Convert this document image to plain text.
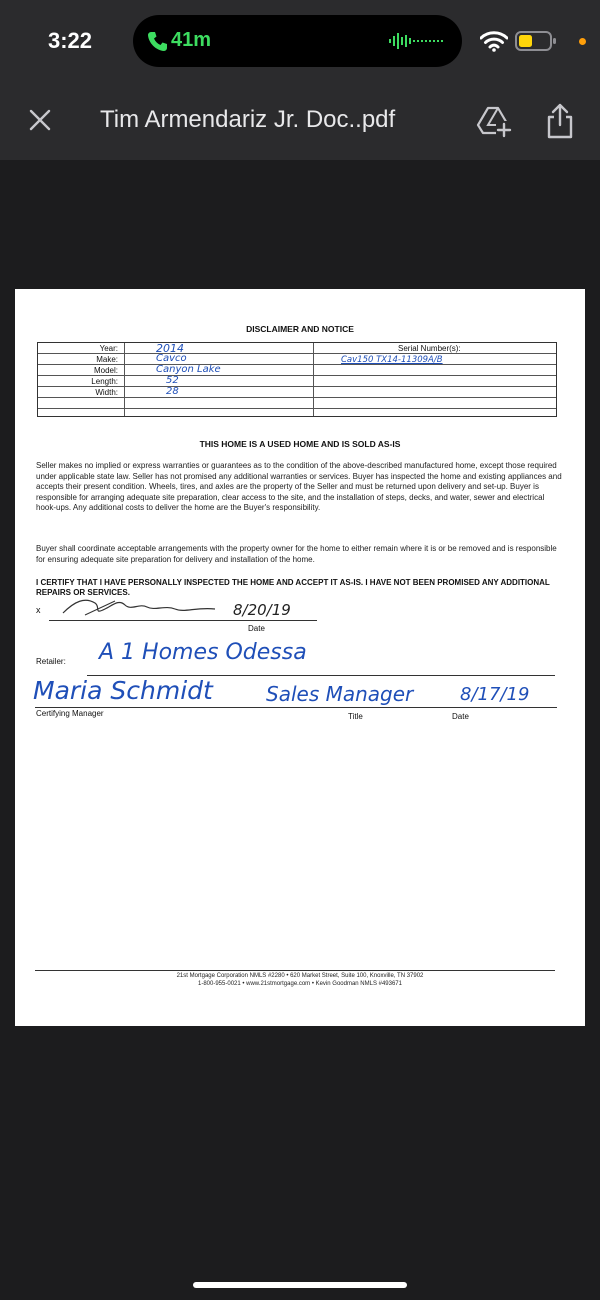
3:22	41m
Tim Armendariz Jr. Doc..pdf
DISCLAIMER AND NOTICE
Year:	2014	Serial Number(s):
Make:	Cavco	Cav150 TX14-11309A/B
Model:	Canyon Lake
Length:	52
Width:	28
THIS HOME IS A USED HOME AND IS SOLD AS-IS
Seller makes no implied or express warranties or guarantees as to the condition of the above-described manufactured home, except those required under applicable state law. Seller has not promised any additional warranties or services. Buyer has inspected the home and existing appliances and accepts their present condition. Wheels, tires, and axles are the property of the Seller and must be returned upon delivery and set-up. Buyer is responsible for arranging adequate site preparation, clear access to the site, and the installation of steps, decks, and water, sewer and electrical hook-ups. Any additional costs to deliver the home are the Buyer's responsibility.
Buyer shall coordinate acceptable arrangements with the property owner for the home to either remain where it is or be removed and is responsible for ensuring adequate site preparation for delivery and installation of the home.
I CERTIFY THAT I HAVE PERSONALLY INSPECTED THE HOME AND ACCEPT IT AS-IS. I HAVE NOT BEEN PROMISED ANY ADDITIONAL REPAIRS OR SERVICES.
x	8/20/19
Date
Retailer: A 1 Homes Odessa
Maria Schmidt	Sales Manager	8/17/19
Certifying Manager	Title	Date
21st Mortgage Corporation NMLS #2280 • 620 Market Street, Suite 100, Knoxville, TN 37902
1-800-955-0021 • www.21stmortgage.com • Kevin Goodman NMLS #493671
